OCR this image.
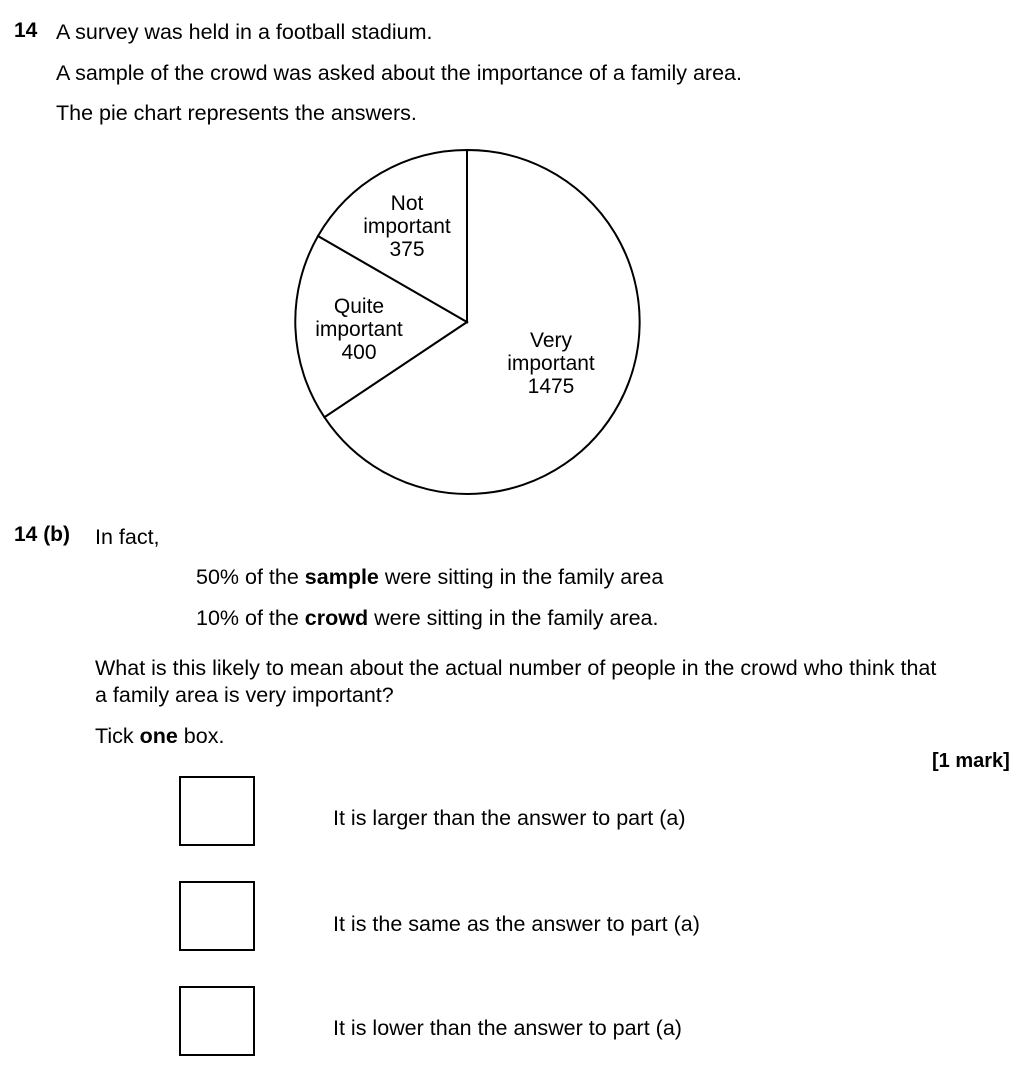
14 A survey was held in a football stadium.
A sample of the crowd was asked about the importance of a family area.
The pie chart represents the answers.
Very
important
1475
Quite
important
400
Not
important
375
14 (b) In fact,
50% of the sample were sitting in the family area
10% of the crowd were sitting in the family area.
What is this likely to mean about the actual number of people in the crowd who think that
a family area is very important?
Tick one box.
[1 mark]
It is larger than the answer to part (a)
It is the same as the answer to part (a)
It is lower than the answer to part (a)
